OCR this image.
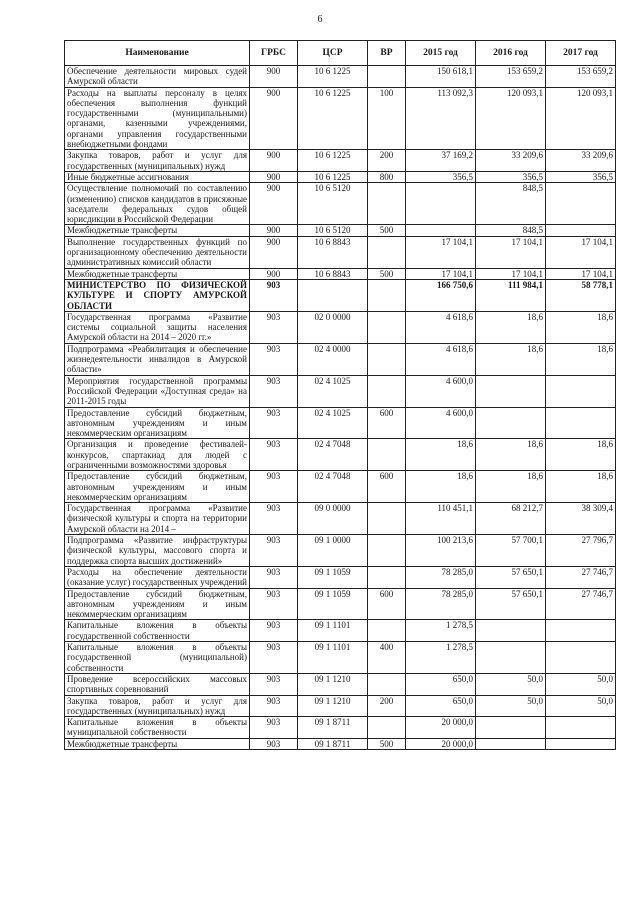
6
Наименование	ГРБС	ЦСР	ВР	2015 год	2016 год	2017 год
Обеспечение деятельности мировых судей Амурской области	900	10 6 1225		150 618,1	153 659,2	153 659,2
Расходы на выплаты персоналу в целях обеспечения выполнения функций государственными (муниципальными) органами, казенными учреждениями, органами управления государственными внебюджетными фондами	900	10 6 1225	100	113 092,3	120 093,1	120 093,1
Закупка товаров, работ и услуг для государственных (муниципальных) нужд	900	10 6 1225	200	37 169,2	33 209,6	33 209,6
Иные бюджетные ассигнования	900	10 6 1225	800	356,5	356,5	356,5
Осуществление полномочий по составлению (изменению) списков кандидатов в присяжные заседатели федеральных судов общей юрисдикции в Российской Федерации	900	10 6 5120			848,5	
Межбюджетные трансферты	900	10 6 5120	500		848,5	
Выполнение государственных функций по организационному обеспечению деятельности административных комиссий области	900	10 6 8843		17 104,1	17 104,1	17 104,1
Межбюджетные трансферты	900	10 6 8843	500	17 104,1	17 104,1	17 104,1
МИНИСТЕРСТВО ПО ФИЗИЧЕСКОЙ КУЛЬТУРЕ И СПОРТУ АМУРСКОЙ ОБЛАСТИ	903			166 750,6	111 984,1	58 778,1
Государственная программа «Развитие системы социальной защиты населения Амурской области на 2014 – 2020 гг.»	903	02 0 0000		4 618,6	18,6	18,6
Подпрограмма «Реабилитация и обеспечение жизнедеятельности инвалидов в Амурской области»	903	02 4 0000		4 618,6	18,6	18,6
Мероприятия государственной программы Российской Федерации «Доступная среда» на 2011-2015 годы	903	02 4 1025		4 600,0		
Предоставление субсидий бюджетным, автономным учреждениям и иным некоммерческим организациям	903	02 4 1025	600	4 600,0		
Организация и проведение фестивалей-конкурсов, спартакиад для людей с ограниченными возможностями здоровья	903	02 4 7048		18,6	18,6	18,6
Предоставление субсидий бюджетным, автономным учреждениям и иным некоммерческим организациям	903	02 4 7048	600	18,6	18,6	18,6
Государственная программа «Развитие физической культуры и спорта на территории Амурской области на 2014 –	903	09 0 0000		110 451,1	68 212,7	38 309,4
Подпрограмма «Развитие инфраструктуры физической культуры, массового спорта и поддержка спорта высших достижений»	903	09 1 0000		100 213,6	57 700,1	27 796,7
Расходы на обеспечение деятельности (оказание услуг) государственных учреждений	903	09 1 1059		78 285,0	57 650,1	27 746,7
Предоставление субсидий бюджетным, автономным учреждениям и иным некоммерческим организациям	903	09 1 1059	600	78 285,0	57 650,1	27 746,7
Капитальные вложения в объекты государственной собственности	903	09 1 1101		1 278,5		
Капитальные вложения в объекты государственной (муниципальной) собственности	903	09 1 1101	400	1 278,5		
Проведение всероссийских массовых спортивных соревнований	903	09 1 1210		650,0	50,0	50,0
Закупка товаров, работ и услуг для государственных (муниципальных) нужд	903	09 1 1210	200	650,0	50,0	50,0
Капитальные вложения в объекты муниципальной собственности	903	09 1 8711		20 000,0		
Межбюджетные трансферты	903	09 1 8711	500	20 000,0		
